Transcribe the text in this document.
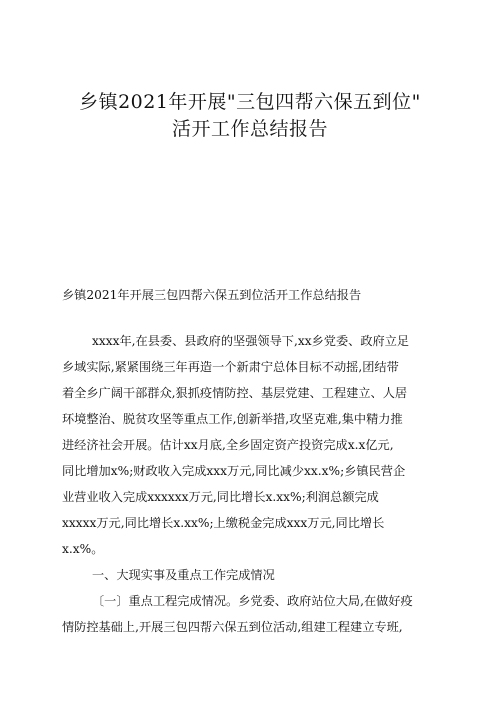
乡镇2021年开展"三包四帮六保五到位"
活开工作总结报告

乡镇2021年开展三包四帮六保五到位活开工作总结报告

xxxx年,在县委、县政府的坚强领导下,xx乡党委、政府立足

乡域实际,紧紧围绕三年再造一个新肃宁总体目标不动摇,团结带

着全乡广阔干部群众,狠抓疫情防控、基层党建、工程建立、人居

环境整治、脱贫攻坚等重点工作,创新举措,攻坚克难,集中精力推

进经济社会开展。估计xx月底,全乡固定资产投资完成x.x亿元,

同比增加x%;财政收入完成xxx万元,同比减少xx.x%;乡镇民营企

业营业收入完成xxxxxx万元,同比增长x.xx%;利润总额完成

xxxxx万元,同比增长x.xx%;上缴税金完成xxx万元,同比增长

x.x%。

一、大现实事及重点工作完成情况

〔一〕重点工程完成情况。乡党委、政府站位大局,在做好疫

情防控基础上,开展三包四帮六保五到位活动,组建工程建立专班,
